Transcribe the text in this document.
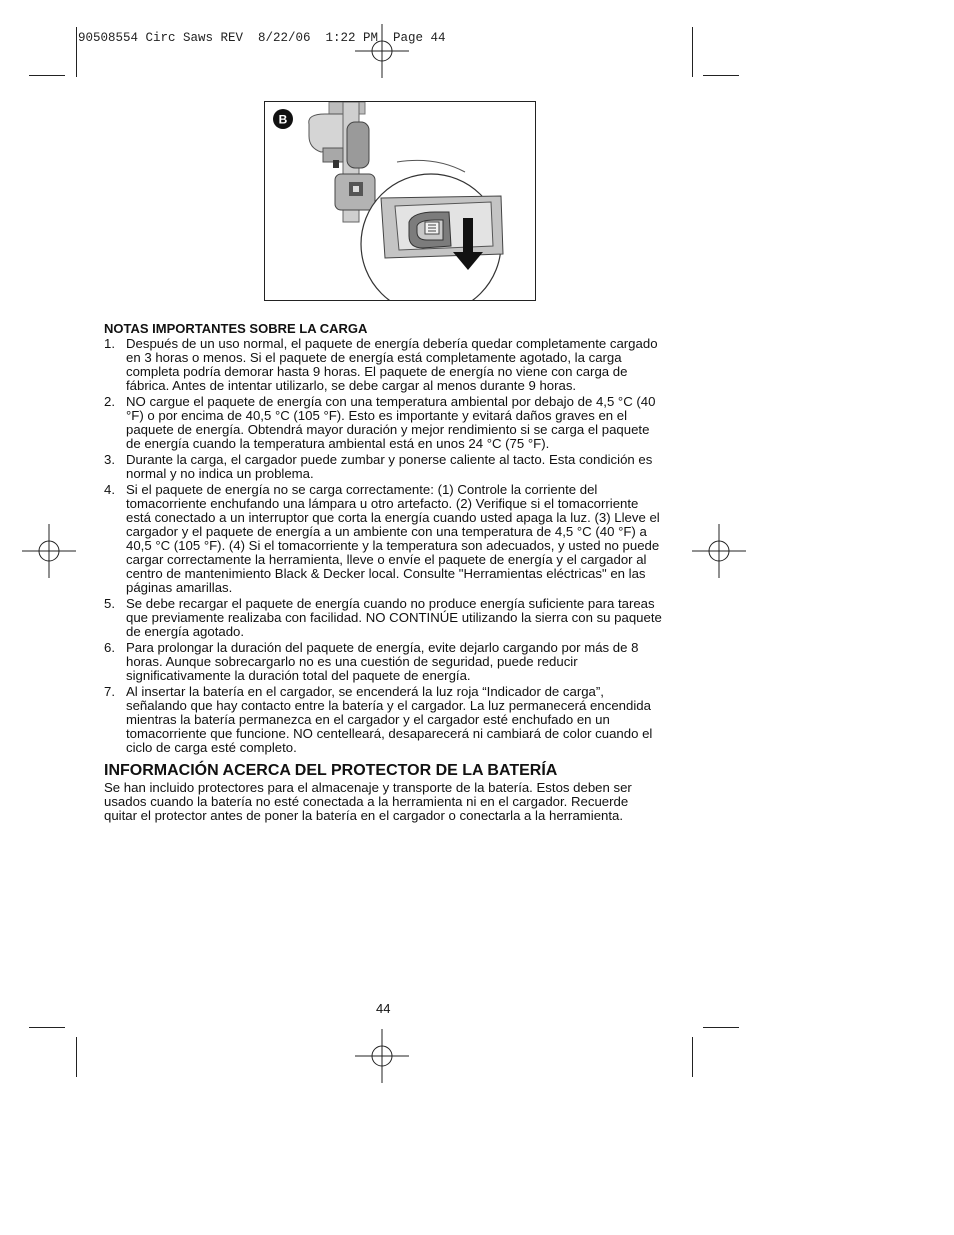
90508554 Circ Saws REV  8/22/06  1:22 PM  Page 44
B
NOTAS IMPORTANTES SOBRE LA CARGA
1. Después de un uso normal, el paquete de energía debería quedar completamente cargado en 3 horas o menos. Si el paquete de energía está completamente agotado, la carga completa podría demorar hasta 9 horas. El paquete de energía no viene con carga de fábrica. Antes de intentar utilizarlo, se debe cargar al menos durante 9 horas.
2. NO cargue el paquete de energía con una temperatura ambiental por debajo de 4,5 °C (40 °F) o por encima de 40,5 °C (105 °F). Esto es importante y evitará daños graves en el paquete de energía. Obtendrá mayor duración y mejor rendimiento si se carga el paquete de energía cuando la temperatura ambiental está en unos 24 °C (75 °F).
3. Durante la carga, el cargador puede zumbar y ponerse caliente al tacto. Esta condición es normal y no indica un problema.
4. Si el paquete de energía no se carga correctamente: (1) Controle la corriente del tomacorriente enchufando una lámpara u otro artefacto. (2) Verifique si el tomacorriente está conectado a un interruptor que corta la energía cuando usted apaga la luz. (3) Lleve el cargador y el paquete de energía a un ambiente con una temperatura de 4,5 °C (40 °F) a 40,5 °C (105 °F). (4) Si el tomacorriente y la temperatura son adecuados, y usted no puede cargar correctamente la herramienta, lleve o envíe el paquete de energía y el cargador al centro de mantenimiento Black & Decker local. Consulte "Herramientas eléctricas" en las páginas amarillas.
5. Se debe recargar el paquete de energía cuando no produce energía suficiente para tareas que previamente realizaba con facilidad. NO CONTINÚE utilizando la sierra con su paquete de energía agotado.
6. Para prolongar la duración del paquete de energía, evite dejarlo cargando por más de 8 horas. Aunque sobrecargarlo no es una cuestión de seguridad, puede reducir significativamente la duración total del paquete de energía.
7. Al insertar la batería en el cargador, se encenderá la luz roja “Indicador de carga”, señalando que hay contacto entre la batería y el cargador. La luz permanecerá encendida mientras la batería permanezca en el cargador y el cargador esté enchufado en un tomacorriente que funcione. NO centelleará, desaparecerá ni cambiará de color cuando el ciclo de carga esté completo.
INFORMACIÓN ACERCA DEL PROTECTOR DE LA BATERÍA

Se han incluido protectores para el almacenaje y transporte de la batería. Estos deben ser usados cuando la batería no esté conectada a la herramienta ni en el cargador. Recuerde quitar el protector antes de poner la batería en el cargador o conectarla a la herramienta.

44
